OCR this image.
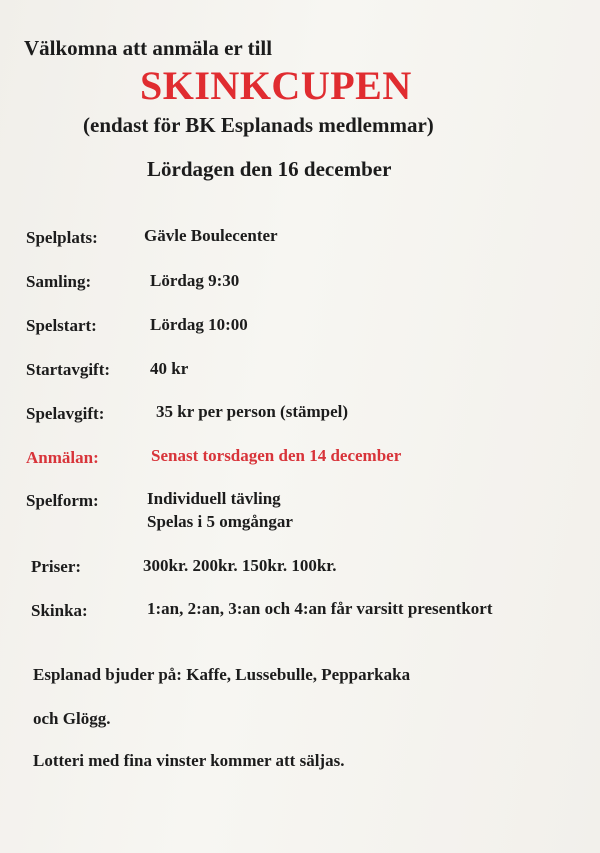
Välkomna att anmäla er till
SKINKCUPEN
(endast för BK Esplanads medlemmar)
Lördagen den 16 december
Spelplats:	Gävle Boulecenter
Samling:	Lördag 9:30
Spelstart:	Lördag 10:00
Startavgift: 40 kr
Spelavgift:	35 kr per person (stämpel)
Anmälan:	Senast torsdagen den 14 december
Spelform:	Individuell tävling
Spelas i 5 omgångar
Priser:	300kr. 200kr. 150kr. 100kr.
Skinka:	1:an, 2:an, 3:an och 4:an får varsitt presentkort
Esplanad bjuder på: Kaffe, Lussebulle, Pepparkaka
och Glögg.
Lotteri med fina vinster kommer att säljas.
